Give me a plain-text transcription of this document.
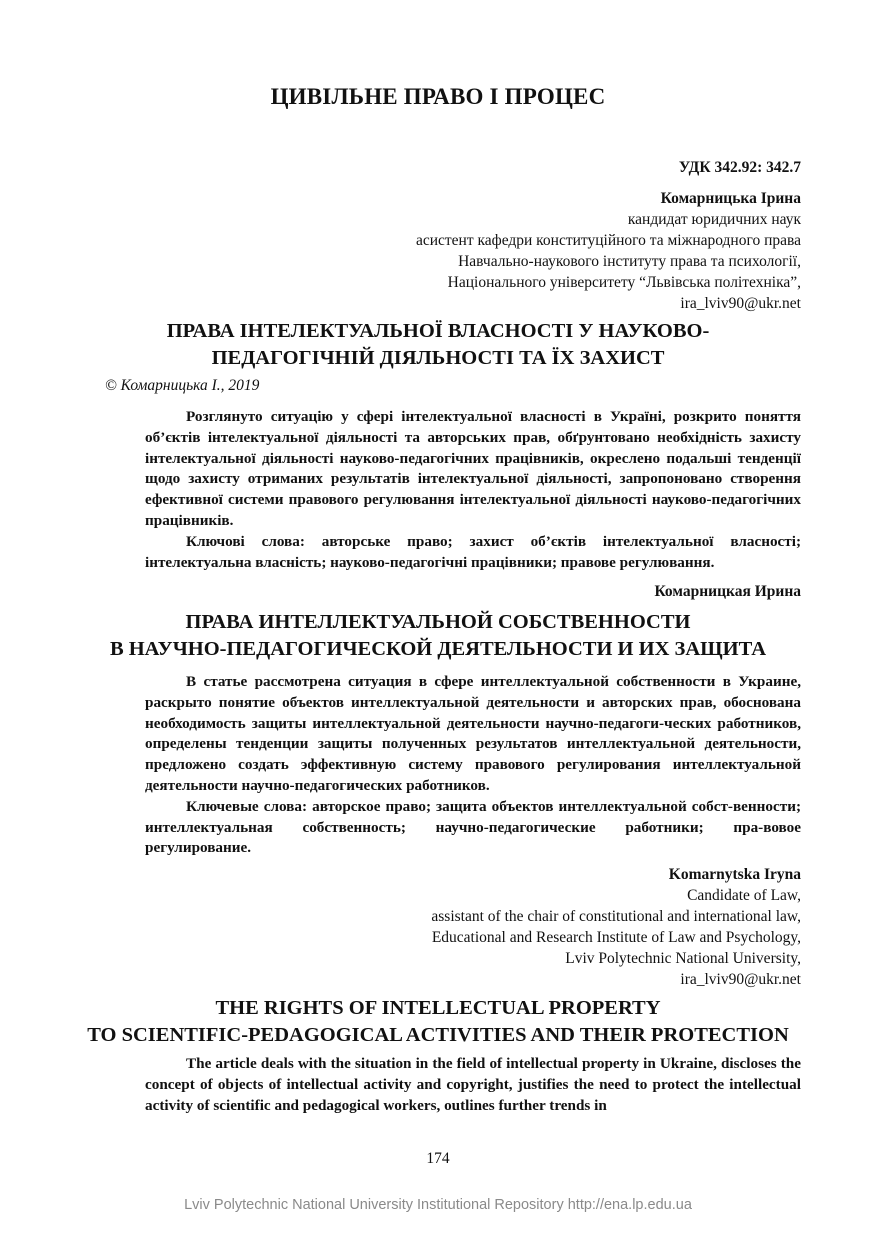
ЦИВІЛЬНЕ ПРАВО І ПРОЦЕС
УДК 342.92: 342.7
Комарницька Ірина
кандидат юридичних наук
асистент кафедри конституційного та міжнародного права
Навчально-наукового інституту права та психології,
Національного університету “Львівська політехніка”,
ira_lviv90@ukr.net
ПРАВА ІНТЕЛЕКТУАЛЬНОЇ ВЛАСНОСТІ У НАУКОВО-
ПЕДАГОГІЧНІЙ ДІЯЛЬНОСТІ ТА ЇХ ЗАХИСТ
© Комарницька І., 2019

Розглянуто ситуацію у сфері інтелектуальної власності в Україні, розкрито поняття об’єктів інтелектуальної діяльності та авторських прав, обґрунтовано необхідність захисту інтелектуальної діяльності науково-педагогічних працівників, окреслено подальші тенденції щодо захисту отриманих результатів інтелектуальної діяльності, запропоновано створення ефективної системи правового регулювання інтелектуальної діяльності науково-педагогічних працівників.

Ключові слова: авторське право; захист об’єктів інтелектуальної власності; інтелектуальна власність; науково-педагогічні працівники; правове регулювання.

Комарницкая Ирина
ПРАВА ИНТЕЛЛЕКТУАЛЬНОЙ СОБСТВЕННОСТИ
В НАУЧНО-ПЕДАГОГИЧЕСКОЙ ДЕЯТЕЛЬНОСТИ И ИХ ЗАЩИТА

В статье рассмотрена ситуация в сфере интеллектуальной собственности в Украине, раскрыто понятие объектов интеллектуальной деятельности и авторских прав, обоснована необходимость защиты интеллектуальной деятельности научно-педагоги-ческих работников, определены тенденции защиты полученных результатов интеллектуальной деятельности, предложено создать эффективную систему правового регулирования интеллектуальной деятельности научно-педагогических работников.

Ключевые слова: авторское право; защита объектов интеллектуальной собст-венности; интеллектуальная собственность; научно-педагогические работники; пра-вовое регулирование.

Komarnytska Iryna
Candidate of Law,
assistant of the chair of constitutional and international law,
Educational and Research Institute of Law and Psychology,
Lviv Polytechnic National University,
ira_lviv90@ukr.net
THE RIGHTS OF INTELLECTUAL PROPERTY
TO SCIENTIFIC-PEDAGOGICAL ACTIVITIES AND THEIR PROTECTION

The article deals with the situation in the field of intellectual property in Ukraine, discloses the concept of objects of intellectual activity and copyright, justifies the need to protect the intellectual activity of scientific and pedagogical workers, outlines further trends in

174
Lviv Polytechnic National University Institutional Repository http://ena.lp.edu.ua
